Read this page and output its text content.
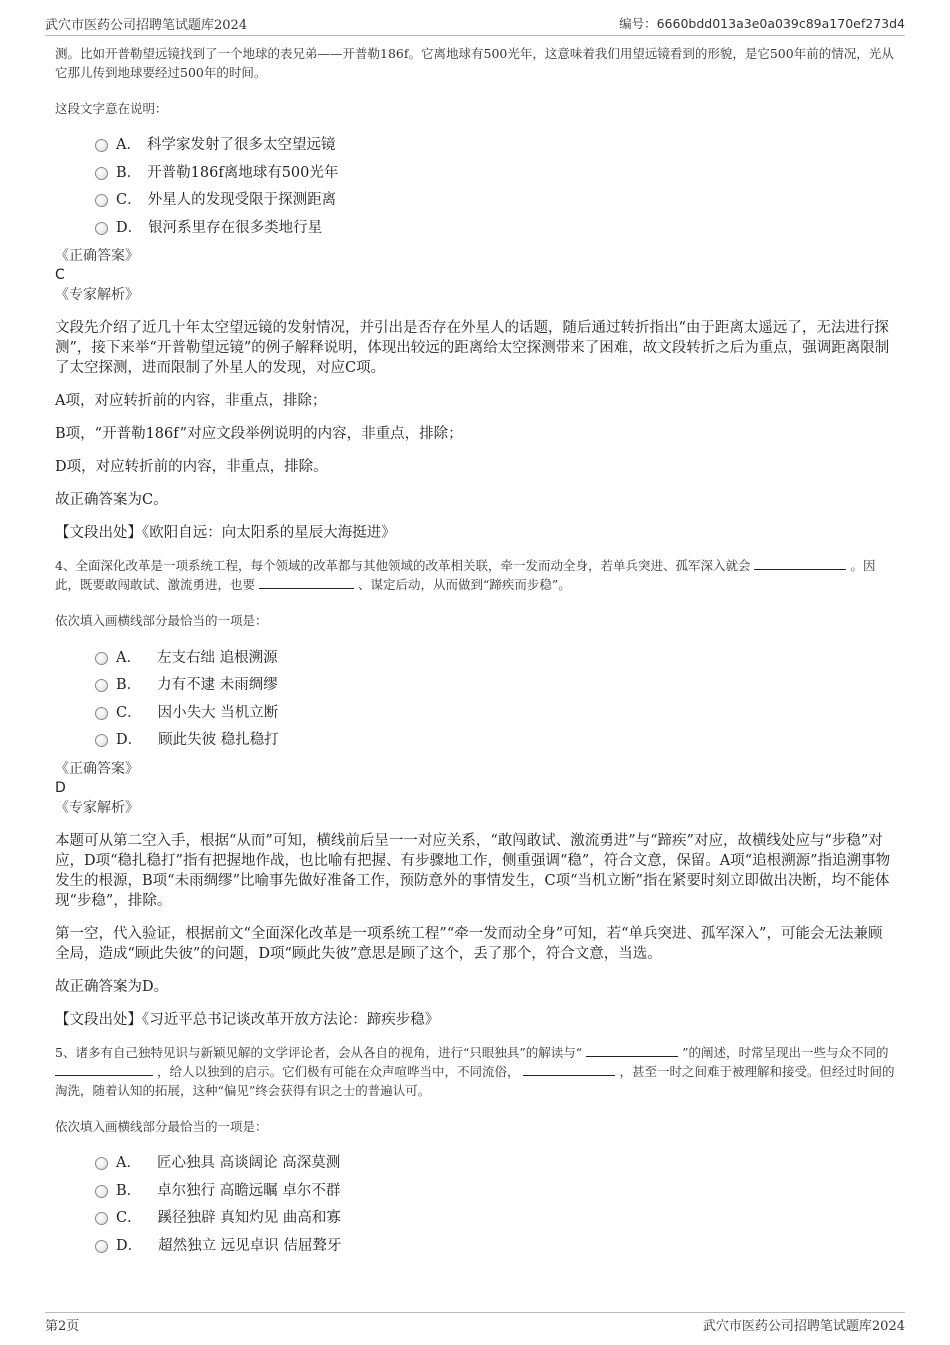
武穴市医药公司招聘笔试题库2024	编号：6660bdd013a3e0a039c89a170ef273d4

测。比如开普勒望远镜找到了一个地球的表兄弟——开普勒186f。它离地球有500光年，这意味着我们用望远镜看到的形貌，是它500年前的情况，光从它那儿传到地球要经过500年的时间。

这段文字意在说明：

A． 科学家发射了很多太空望远镜
B． 开普勒186f离地球有500光年
C． 外星人的发现受限于探测距离
D． 银河系里存在很多类地行星

《正确答案》

C

《专家解析》

文段先介绍了近几十年太空望远镜的发射情况，并引出是否存在外星人的话题，随后通过转折指出“由于距离太遥远了，无法进行探测”，接下来举“开普勒望远镜”的例子解释说明，体现出较远的距离给太空探测带来了困难，故文段转折之后为重点，强调距离限制了太空探测，进而限制了外星人的发现，对应C项。

A项，对应转折前的内容，非重点，排除；

B项，“开普勒186f”对应文段举例说明的内容，非重点，排除；

D项，对应转折前的内容，非重点，排除。

故正确答案为C。

【文段出处】《欧阳自远：向太阳系的星辰大海挺进》

4、全面深化改革是一项系统工程，每个领域的改革都与其他领域的改革相关联，牵一发而动全身，若单兵突进、孤军深入就会	。因此，既要敢闯敢试、激流勇进，也要	、谋定后动，从而做到“蹄疾而步稳”。

依次填入画横线部分最恰当的一项是：

A． 左支右绌 追根溯源
B． 力有不逮 未雨绸缪
C． 因小失大 当机立断
D． 顾此失彼 稳扎稳打

《正确答案》

D

《专家解析》

本题可从第二空入手，根据“从而”可知，横线前后呈一一对应关系，“敢闯敢试、激流勇进”与“蹄疾”对应，故横线处应与“步稳”对应，D项“稳扎稳打”指有把握地作战，也比喻有把握、有步骤地工作，侧重强调“稳”，符合文意，保留。A项“追根溯源”指追溯事物发生的根源，B项“未雨绸缪”比喻事先做好准备工作，预防意外的事情发生，C项“当机立断”指在紧要时刻立即做出决断，均不能体现“步稳”，排除。

第一空，代入验证，根据前文“全面深化改革是一项系统工程”“牵一发而动全身”可知，若“单兵突进、孤军深入”，可能会无法兼顾全局，造成“顾此失彼”的问题，D项“顾此失彼”意思是顾了这个，丢了那个，符合文意，当选。

故正确答案为D。

【文段出处】《习近平总书记谈改革开放方法论：蹄疾步稳》

5、诸多有自己独特见识与新颖见解的文学评论者，会从各自的视角，进行“只眼独具”的解读与“	”的阐述，时常呈现出一些与众不同的  ，给人以独到的启示。它们极有可能在众声喧哗当中，不同流俗，	，甚至一时之间难于被理解和接受。但经过时间的淘洗，随着认知的拓展，这种“偏见”终会获得有识之士的普遍认可。

依次填入画横线部分最恰当的一项是：

A． 匠心独具 高谈阔论 高深莫测
B． 卓尔独行 高瞻远瞩 卓尔不群
C． 蹊径独辟 真知灼见 曲高和寡
D． 超然独立 远见卓识 佶屈聱牙
第2页	武穴市医药公司招聘笔试题库2024
